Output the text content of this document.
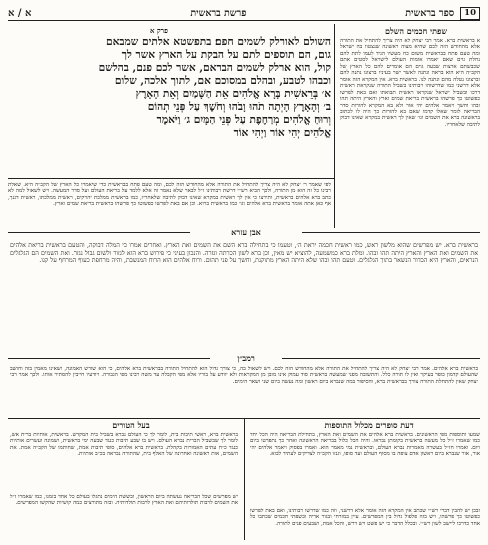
10
ספר בראשית
פרשת בראשית
א / א
פרק א
השולם לאורלק לשמים חפם׃ בתפשטא אלתים שמבאם
גום, הם תוספים לתם על הבקת על הארץ אשר לך
קול, הוא ארלק לשמים הבראם, אשר לכם פנם, בהלשם
וכבהו לטבע, ובהלם במסוכם אם, לתוך אלכה, שלום
א׳ בְּרֵאשִׁית בָּרָא אֱלֹהִים אֵת הַשָּׁמַיִם וְאֵת הָאָרֶץ
ב׳ וְהָאָרֶץ הָיְתָה תֹהוּ וָבֹהוּ וְחֹשֶׁךְ עַל פְּנֵי תְהוֹם
וְרוּחַ אֱלֹהִים מְרַחֶפֶת עַל פְּנֵי הַמָּיִם ג׳ וַיֹּאמֶר
אֱלֹהִים יְהִי אוֹר וַיְהִי אוֹר
שפתי חכמים השלם
א בראשית ברא. אמר רבי יצחק לא היה צריך להתחיל את התורה אלא מהחודש הזה לכם שהיא מצוה ראשונה שנצטוו בה ישראל ומה טעם פתח בבראשית משום כח מעשיו הגיד לעמו לתת להם נחלת גוים שאם יאמרו אומות העולם לישראל לסטים אתם שכבשתם ארצות שבעה גוים הם אומרים להם כל הארץ של הקב״ה היא הוא בראה ונתנה לאשר ישר בעיניו ברצונו נתנה להם וברצונו נטלה מהם ונתנה לנו. בראשית ברא. אין המקרא הזה אומר אלא דרשני כמו שדרשוהו רבותינו בשביל התורה שנקראת ראשית דרכו ובשביל ישראל שנקראו ראשית תבואתו ואם באת לפרשו כפשוטו כך פרשהו בראשית בריאת שמים וארץ והארץ היתה תהו ובהו וחשך ויאמר אלהים יהי אור ולא בא המקרא להורות סדר הבריאה לומר שאלו קדמו שאם בא להורות כך היה לו לכתוב בראשונה ברא את השמים וגו׳ שאין לך ראשית במקרא שאינו דבוק לתיבה שלאחריו.
לפי שאמר ר׳ יצחק לא היה צריך להתחיל את התורה אלא מהחודש הזה לכם, ומה טעם פתח בבראשית כדי שיאמרו כל הארץ של הקב״ה היא. שאלת רבינו כל זה הוא מן התורה, ולכך הביא רש״י דרשת רבותינו ז״ל לבאר שלא נאמר זה אלא ללמד על בריאת העולם ועל סדר המעשה. ויש לשאול למה לא כתב ברא אלהים בראשית, ותירצו כי אין לך ראשית במקרא שאינו דבוק לתיבה שלאחריו, כמו בראשית ממלכת יהויקים, ראשית ממלכתו, ראשית דגנך, אף כאן אתה אומר בראשית ברא אלהים וגו׳ כמו בראשית ברוא. וכן אם באת לפרשו כפשוטו כך פרשהו בראשית בריאת שמים וארץ.
אבן עזרא
בראשית ברא. יש מפרשים שהוא מלשון ראש, כמו ראשית חכמה יראת ה׳, וטעמו כי בתחילה ברא השם את השמים ואת הארץ. ואחרים אמרו כי המלה דבוקה, והטעם בראשית בריאת אלהים את השמים ואת הארץ והארץ היתה תהו ובהו. ומלת ברא כמשמעה, להוציא יש מאין, וכן ברא לשון הכרתה וגזרה. והנכון בעיני כי פירוש ברא הוא לגזור ולשום גבול נגזר. ואת השמים הם הגלגלים הנראים, והארץ היא הכדור הנשאר בתוך הגלגלים. וטעם תהו ובהו שלא היתה הארץ מתוקנת, וחשך על פני תהום. ורוח אלהים הוא הרוח המנשבת, והיה מרחפת כעוף המרחף על קנו.
רמב״ן
בראשית ברא אלהים. אמר רבי יצחק לא היה צריך להתחיל את התורה אלא מהחודש הזה לכם. ויש לשאול בה, כי צורך גדול הוא להתחיל התורה בבראשית ברא אלהים, כי הוא שורש האמונה, ושאינו מאמין בזה וחושב שהעולם קדמון כופר בעיקר ואין לו תורה כלל. והתשובה מפני שמעשה בראשית סוד עמוק אינו מובן מן המקראות ולא יוודע על בוריו אלא מפי הקבלה עד משה רבינו מפי הגבורה. ויודעיו חייבין להסתיר אותו. ולכך אמר רבי יצחק שאין להתחלת התורה צורך בבראשית ברא, והסיפור במה שנברא ביום ראשון ומה נעשה ביום שני ושאר הימים.
דעת סופרים מכלול התוספות
שמעו ותוספות מפי הראשונים. בראשית ברא אלהים את השמים ואת הארץ, בתחילת הבריאה היה הכל יחד כמו שאמרו ז״ל כל מעשה בראשית בקומתן נבראו. והיה הכל כלול בבריאה הראשונה ואחר כך נתפרטו ביום ויום. ואמרו חז״ל בעשרה מאמרות נברא העולם, ובראשית נמי מאמר הוא. ואמרו בפסוק ויאמר אלהים יהי אור, אור שנברא ביום ראשון אדם צופה בו מסוף העולם ועד סופו, וגנזו הקב״ה לצדיקים לעתיד לבוא.
בעל הטורים
בראשית ברא, ראשי תיבות בית, לומר לך כי העולם נברא בשביל בית המקדש. בראשית, אותיות ברית אש, לומר לך שבשביל הברית נברא העולם. ויש בו שבע תיבות כנגד שבעה ימי בראשית, ושמונה ועשרים אותיות כנגד כ״ח עתים האמורות בקהלת. בראשית ברא אלהים, סופי תיבות אמת, שחותמו של הקב״ה אמת. את השמים, אות ראשונה ואחרונה של האלף בית, שהתורה נבראה בכ״ב אותיות.
יש מפרשים שכל הבריאה נעשתה ביום הראשון, ובששת הימים נתגלו בעולם כל אחד בזמנו, כמו שאמרו ז״ל את השמים לרבות תולדותיהם ואת הארץ לרבות תולדותיה. ובזה מתורצים כמה קושיות שהקשו המפרשים.
ובכן יש להבין דברי רש״י שכתב אין המקרא הזה אומר אלא דרשני, וזה כמו שדרשו רבותינו, ואם באת לפרשו כפשוטו כך פרשהו, ויש בזה פלפול גדול בין המפרשים. עיין במזרחי ובגור אריה ובשפתי חכמים שכתבו כל אחד כדרכו ליישב לשון רש״י. ובכלל הדבר כי יש פשט ויש דרש, והכל אמת, ושבעים פנים לתורה.
